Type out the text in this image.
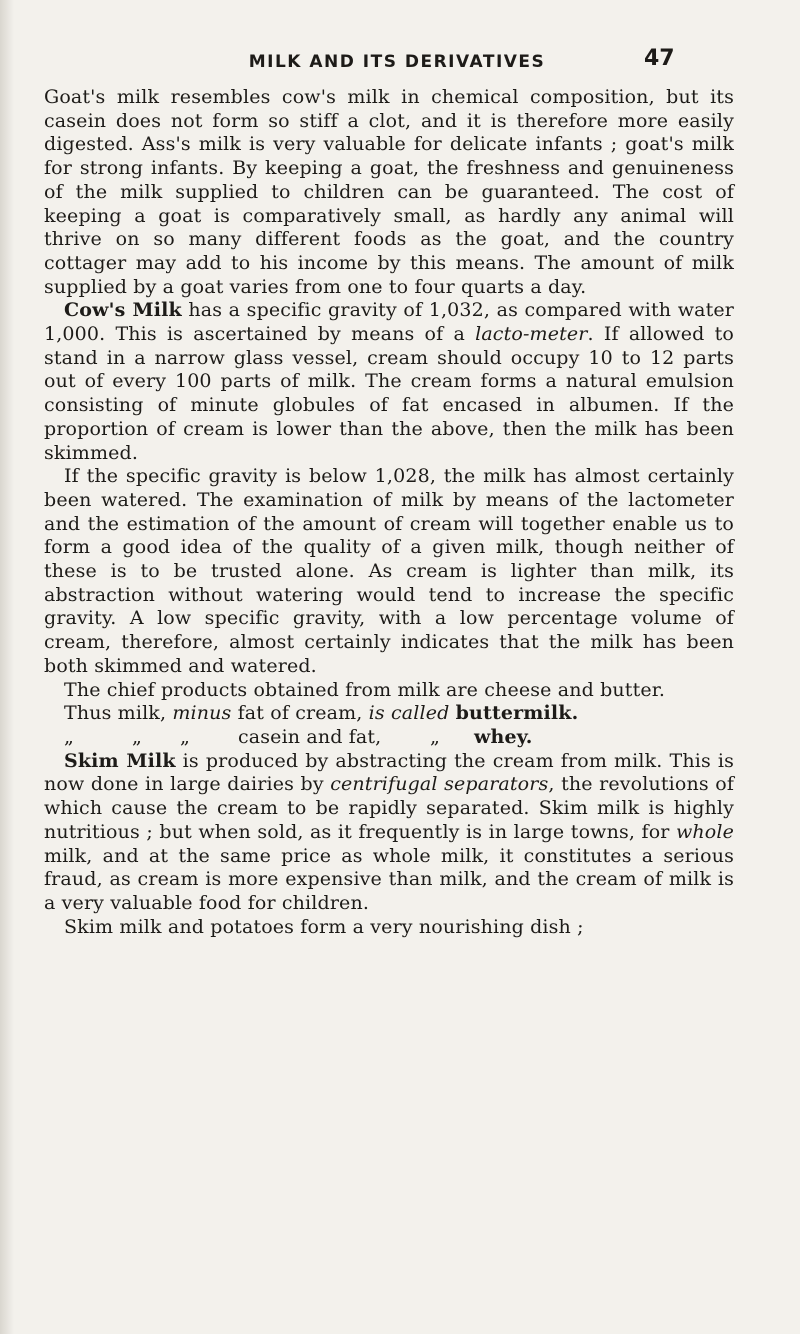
MILK AND ITS DERIVATIVES	47

Goat's milk resembles cow's milk in chemical composition, but its casein does not form so stiff a clot, and it is therefore more easily digested. Ass's milk is very valuable for delicate infants ; goat's milk for strong infants. By keeping a goat, the freshness and genuineness of the milk supplied to children can be guaranteed. The cost of keeping a goat is comparatively small, as hardly any animal will thrive on so many different foods as the goat, and the country cottager may add to his income by this means. The amount of milk supplied by a goat varies from one to four quarts a day.

Cow's Milk has a specific gravity of 1,032, as compared with water 1,000. This is ascertained by means of a lacto-meter. If allowed to stand in a narrow glass vessel, cream should occupy 10 to 12 parts out of every 100 parts of milk. The cream forms a natural emulsion consisting of minute globules of fat encased in albumen. If the proportion of cream is lower than the above, then the milk has been skimmed.

If the specific gravity is below 1,028, the milk has almost certainly been watered. The examination of milk by means of the lactometer and the estimation of the amount of cream will together enable us to form a good idea of the quality of a given milk, though neither of these is to be trusted alone. As cream is lighter than milk, its abstraction without watering would tend to increase the specific gravity. A low specific gravity, with a low percentage volume of cream, therefore, almost certainly indicates that the milk has been both skimmed and watered.

The chief products obtained from milk are cheese and butter.

Thus milk, minus fat of cream, is called buttermilk.

„	„	„	casein and fat,	„	whey.

Skim Milk is produced by abstracting the cream from milk. This is now done in large dairies by centrifugal separators, the revolutions of which cause the cream to be rapidly separated. Skim milk is highly nutritious ; but when sold, as it frequently is in large towns, for whole milk, and at the same price as whole milk, it constitutes a serious fraud, as cream is more expensive than milk, and the cream of milk is a very valuable food for children.

Skim milk and potatoes form a very nourishing dish ;
